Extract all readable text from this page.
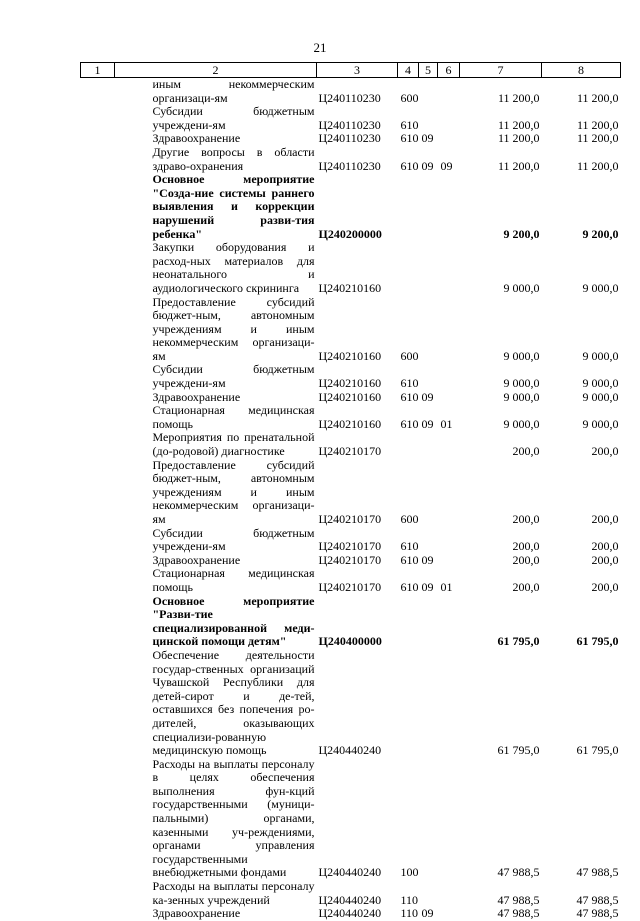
21
1	2	3	4	5	6	7	8
	иным некоммерческим организаци-ям	Ц240110230	600			11 200,0	11 200,0
	Субсидии бюджетным учреждени-ям	Ц240110230	610			11 200,0	11 200,0
	Здравоохранение	Ц240110230	610	09		11 200,0	11 200,0
	Другие вопросы в области здраво-охранения	Ц240110230	610	09	09	11 200,0	11 200,0
	Основное мероприятие "Созда-ние системы раннего выявления и коррекции нарушений разви-тия ребенка"	Ц240200000				9 200,0	9 200,0
	Закупки оборудования и расход-ных материалов для неонатального и аудиологического скрининга	Ц240210160				9 000,0	9 000,0
	Предоставление субсидий бюджет-ным, автономным учреждениям и иным некоммерческим организаци-ям	Ц240210160	600			9 000,0	9 000,0
	Субсидии бюджетным учреждени-ям	Ц240210160	610			9 000,0	9 000,0
	Здравоохранение	Ц240210160	610	09		9 000,0	9 000,0
	Стационарная медицинская помощь	Ц240210160	610	09	01	9 000,0	9 000,0
	Мероприятия по пренатальной (до-родовой) диагностике	Ц240210170				200,0	200,0
	Предоставление субсидий бюджет-ным, автономным учреждениям и иным некоммерческим организаци-ям	Ц240210170	600			200,0	200,0
	Субсидии бюджетным учреждени-ям	Ц240210170	610			200,0	200,0
	Здравоохранение	Ц240210170	610	09		200,0	200,0
	Стационарная медицинская помощь	Ц240210170	610	09	01	200,0	200,0
	Основное мероприятие "Разви-тие специализированной меди-цинской помощи детям"	Ц240400000				61 795,0	61 795,0
	Обеспечение деятельности государ-ственных организаций Чувашской Республики для детей-сирот и де-тей, оставшихся без попечения ро-дителей, оказывающих специализи-рованную медицинскую помощь	Ц240440240				61 795,0	61 795,0
	Расходы на выплаты персоналу в целях обеспечения выполнения фун-кций государственными (муници-пальными) органами, казенными уч-реждениями, органами управления государственными внебюджетными фондами	Ц240440240	100			47 988,5	47 988,5
	Расходы на выплаты персоналу ка-зенных учреждений	Ц240440240	110			47 988,5	47 988,5
	Здравоохранение	Ц240440240	110	09		47 988,5	47 988,5
